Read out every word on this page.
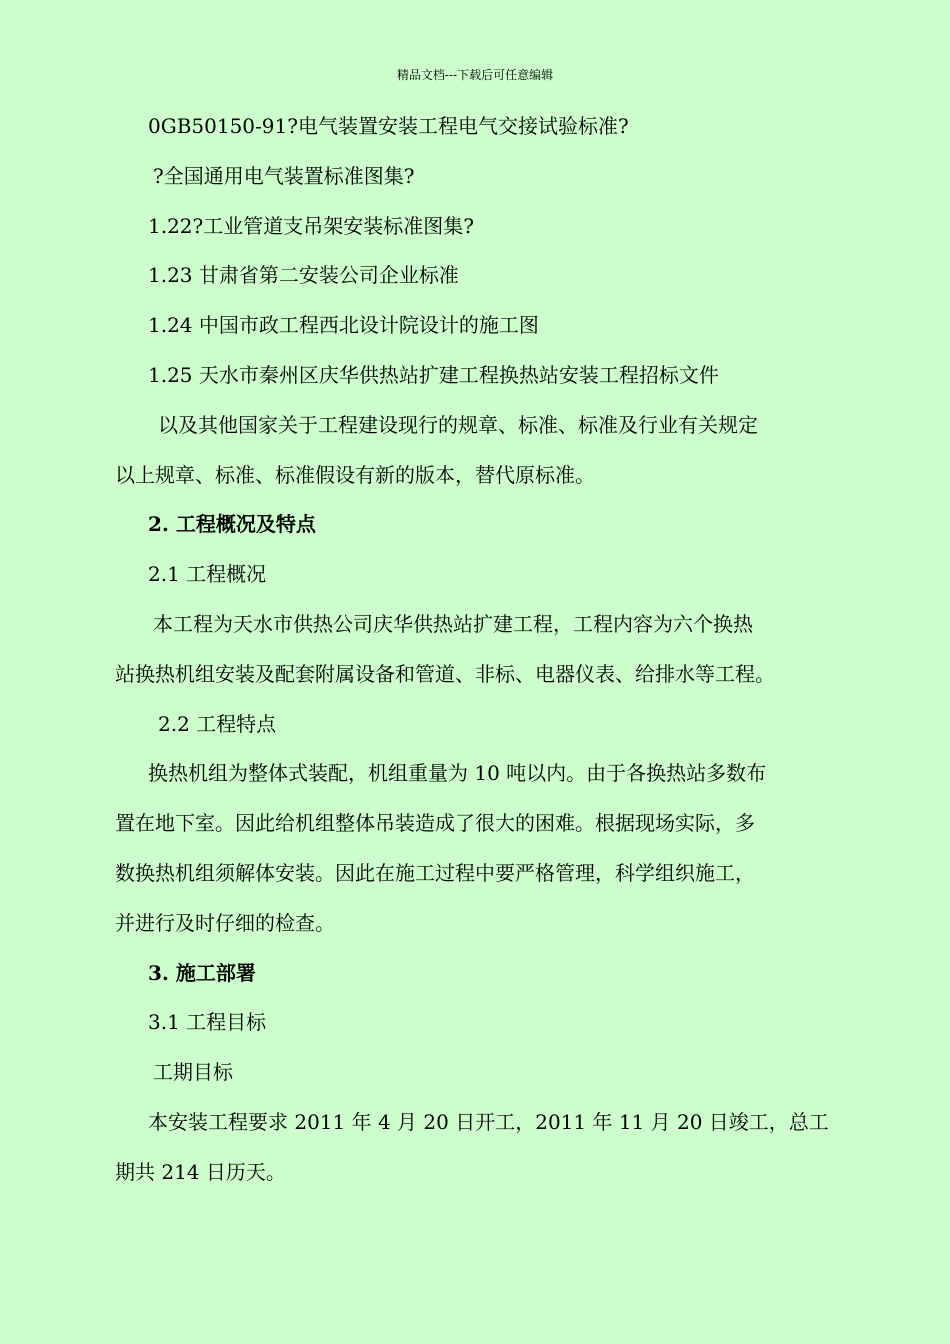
精品文档---下载后可任意编辑
0GB50150-91?电气装置安装工程电气交接试验标准?
?全国通用电气装置标准图集?
1.22?工业管道支吊架安装标准图集?
1.23 甘肃省第二安装公司企业标准
1.24 中国市政工程西北设计院设计的施工图
1.25 天水市秦州区庆华供热站扩建工程换热站安装工程招标文件
以及其他国家关于工程建设现行的规章、标准、标准及行业有关规定
以上规章、标准、标准假设有新的版本，替代原标准。
2. 工程概况及特点
2.1 工程概况
本工程为天水市供热公司庆华供热站扩建工程，工程内容为六个换热
站换热机组安装及配套附属设备和管道、非标、电器仪表、给排水等工程。
2.2 工程特点
换热机组为整体式装配，机组重量为 10 吨以内。由于各换热站多数布
置在地下室。因此给机组整体吊装造成了很大的困难。根据现场实际，多
数换热机组须解体安装。因此在施工过程中要严格管理，科学组织施工，
并进行及时仔细的检查。
3. 施工部署
3.1 工程目标
工期目标
本安装工程要求 2011 年 4 月 20 日开工，2011 年 11 月 20 日竣工，总工
期共 214 日历天。
